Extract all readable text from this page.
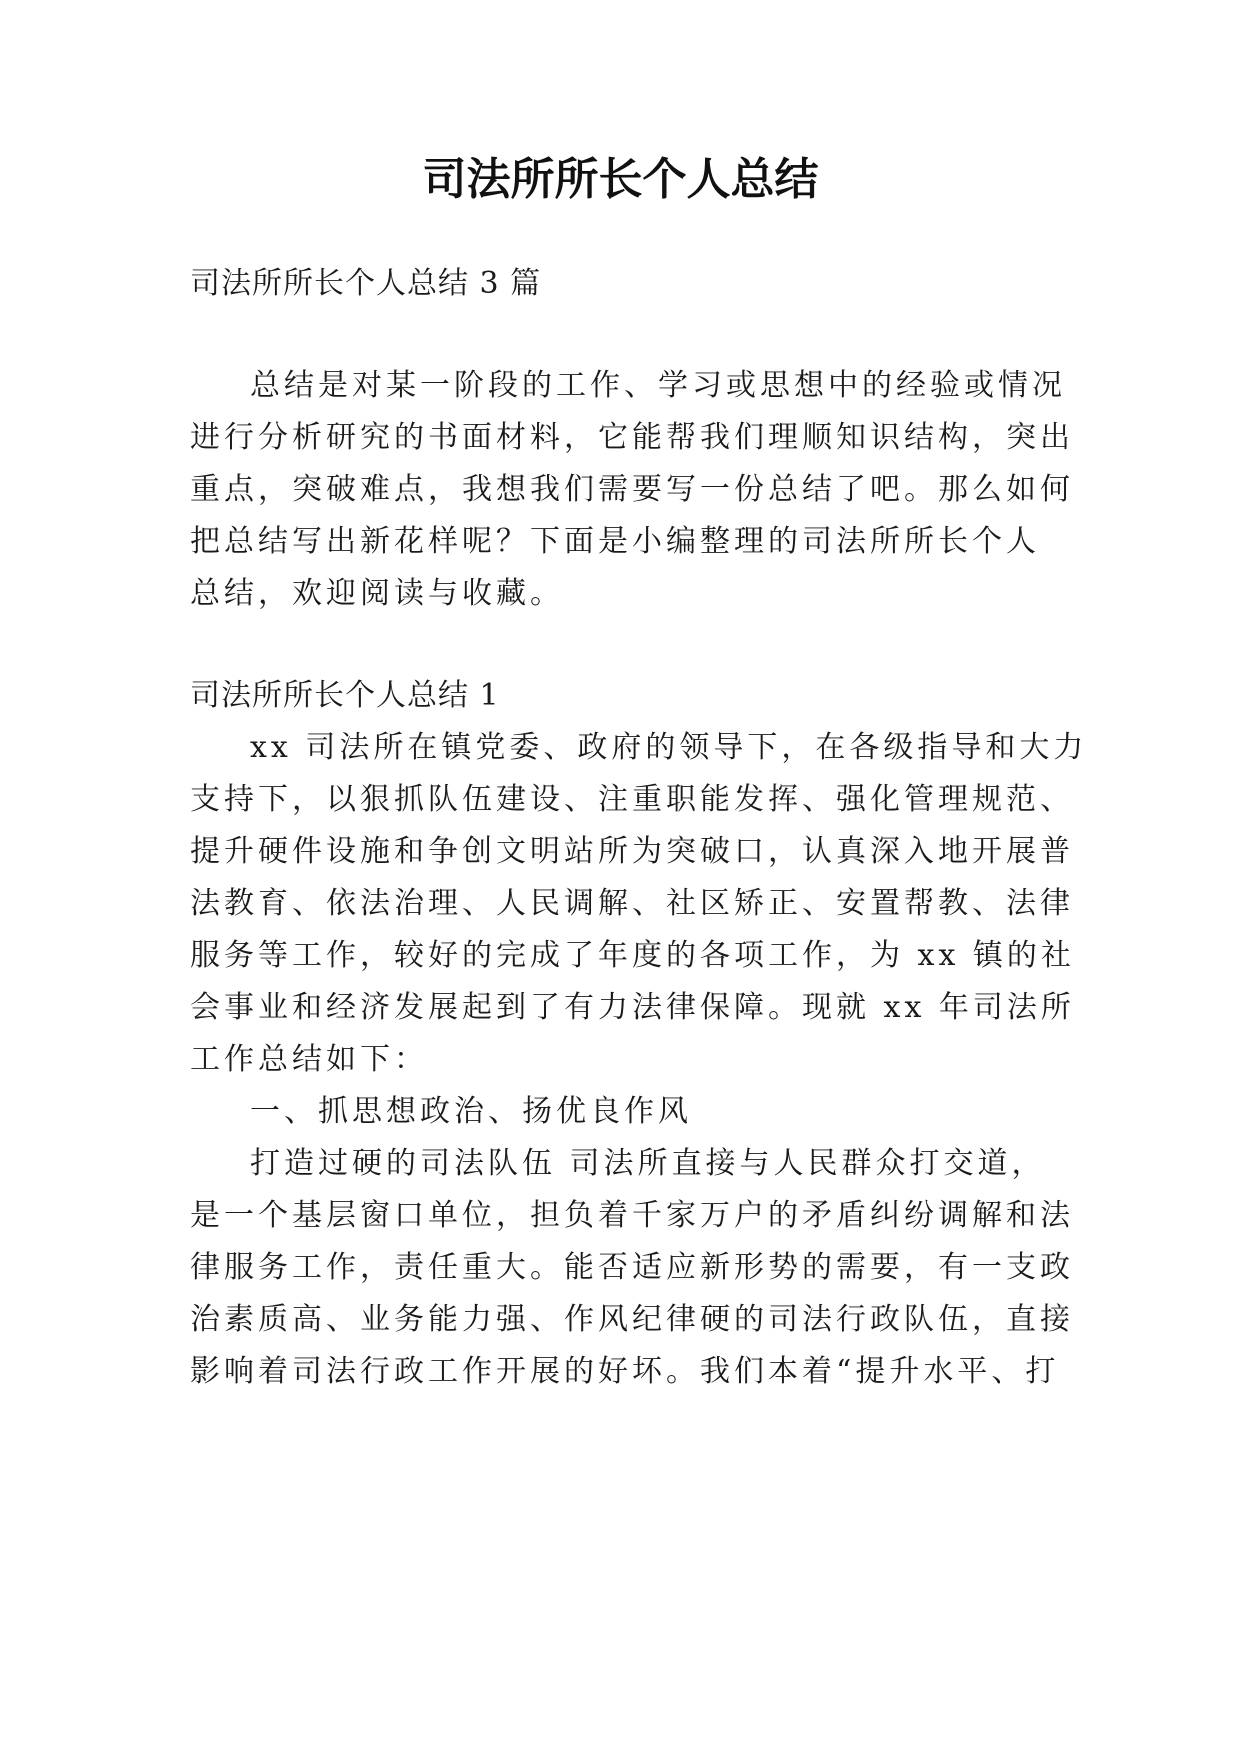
司法所所长个人总结

司法所所长个人总结 3 篇

总结是对某一阶段的工作、学习或思想中的经验或情况

进行分析研究的书面材料，它能帮我们理顺知识结构，突出

重点，突破难点，我想我们需要写一份总结了吧。那么如何

把总结写出新花样呢？下面是小编整理的司法所所长个人

总结，欢迎阅读与收藏。

司法所所长个人总结 1

xx 司法所在镇党委、政府的领导下，在各级指导和大力

支持下，以狠抓队伍建设、注重职能发挥、强化管理规范、

提升硬件设施和争创文明站所为突破口，认真深入地开展普

法教育、依法治理、人民调解、社区矫正、安置帮教、法律

服务等工作，较好的完成了年度的各项工作，为 xx 镇的社

会事业和经济发展起到了有力法律保障。现就 xx 年司法所

工作总结如下：

一、抓思想政治、扬优良作风

打造过硬的司法队伍 司法所直接与人民群众打交道，

是一个基层窗口单位，担负着千家万户的矛盾纠纷调解和法

律服务工作，责任重大。能否适应新形势的需要，有一支政

治素质高、业务能力强、作风纪律硬的司法行政队伍，直接

影响着司法行政工作开展的好坏。我们本着“提升水平、打
